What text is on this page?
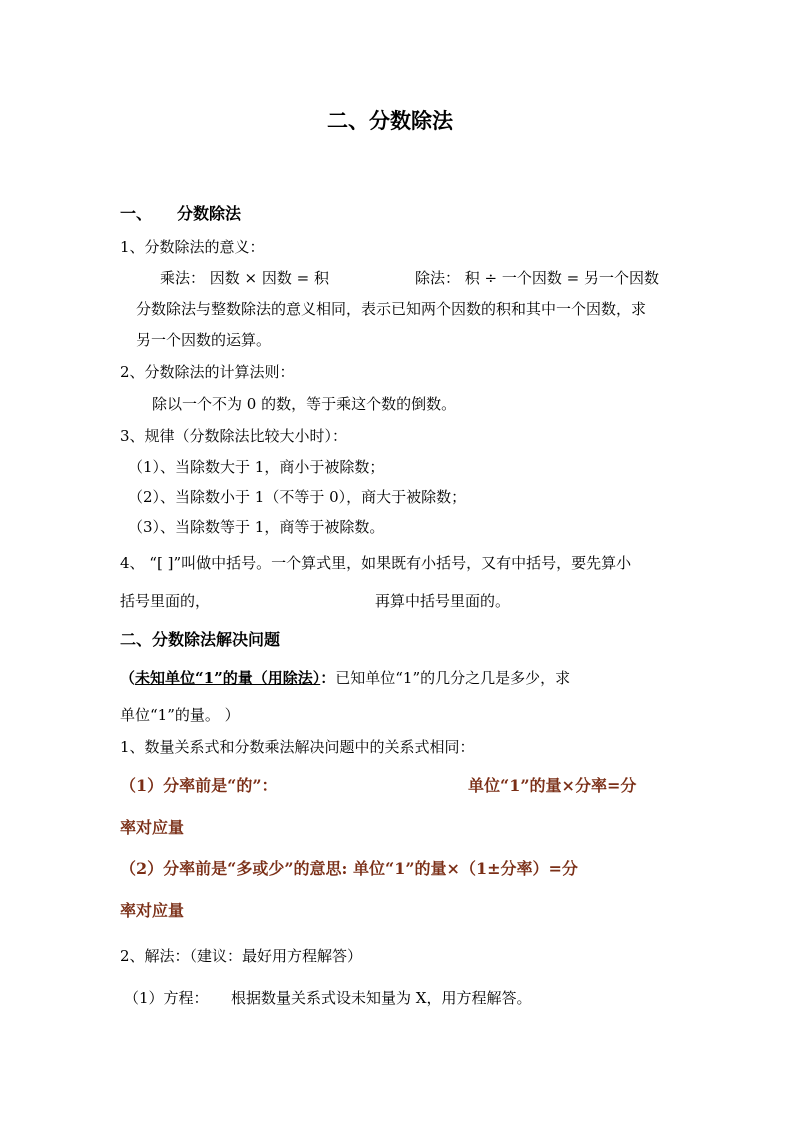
二、分数除法
一、 分数除法
1、分数除法的意义：
乘法： 因数 × 因数 = 积	除法： 积 ÷ 一个因数 = 另一个因数
分数除法与整数除法的意义相同，表示已知两个因数的积和其中一个因数，求
另一个因数的运算。
2、分数除法的计算法则：
除以一个不为 0 的数，等于乘这个数的倒数。
3、规律（分数除法比较大小时）：
（1）、当除数大于 1，商小于被除数；
（2）、当除数小于 1（不等于 0），商大于被除数；
（3）、当除数等于 1，商等于被除数。
4、 “[ ]”叫做中括号。一个算式里，如果既有小括号，又有中括号，要先算小
括号里面的，	再算中括号里面的。
二、分数除法解决问题
（未知单位“1”的量（用除法）：已知单位“1”的几分之几是多少，求
单位“1”的量。 ）
1、数量关系式和分数乘法解决问题中的关系式相同：
（1）分率前是“的”：	单位“1”的量×分率=分
率对应量
（2）分率前是“多或少”的意思: 单位“1”的量×（1±分率）=分
率对应量
2、解法：（建议：最好用方程解答）
（1）方程： 根据数量关系式设未知量为 X，用方程解答。
